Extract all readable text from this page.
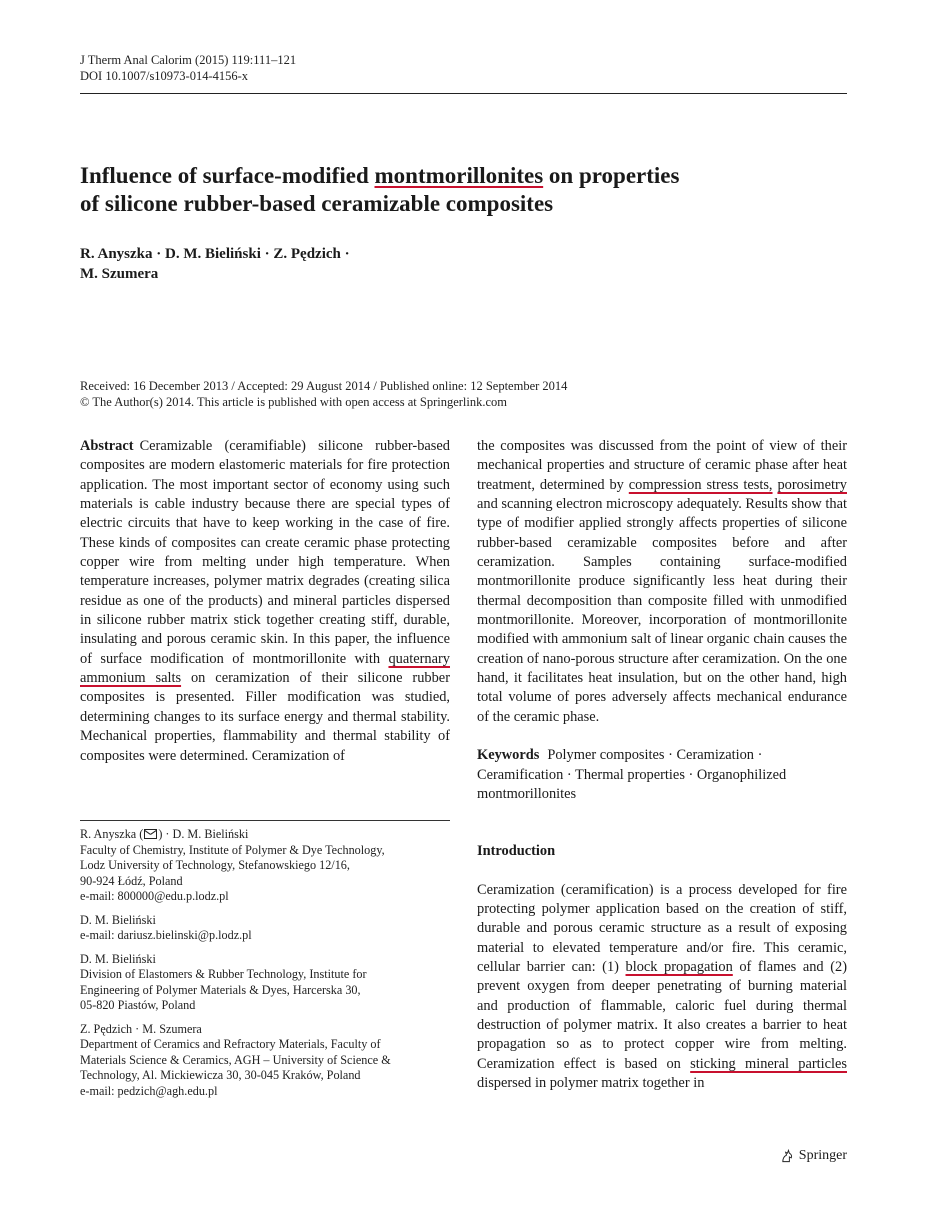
J Therm Anal Calorim (2015) 119:111–121
DOI 10.1007/s10973-014-4156-x
Influence of surface-modified montmorillonites on properties
of silicone rubber-based ceramizable composites
R. Anyszka · D. M. Bieliński · Z. Pędzich ·
M. Szumera
Received: 16 December 2013 / Accepted: 29 August 2014 / Published online: 12 September 2014
© The Author(s) 2014. This article is published with open access at Springerlink.com

Abstract Ceramizable (ceramifiable) silicone rubber-based composites are modern elastomeric materials for fire protection application. The most important sector of economy using such materials is cable industry because there are special types of electric circuits that have to keep working in the case of fire. These kinds of composites can create ceramic phase protecting copper wire from melting under high temperature. When temperature increases, polymer matrix degrades (creating silica residue as one of the products) and mineral particles dispersed in silicone rubber matrix stick together creating stiff, durable, insulating and porous ceramic skin. In this paper, the influence of surface modification of montmorillonite with quaternary ammonium salts on ceramization of their silicone rubber composites is presented. Filler modification was studied, determining changes to its surface energy and thermal stability. Mechanical properties, flammability and thermal stability of composites were determined. Ceramization of

the composites was discussed from the point of view of their mechanical properties and structure of ceramic phase after heat treatment, determined by compression stress tests, porosimetry and scanning electron microscopy adequately. Results show that type of modifier applied strongly affects properties of silicone rubber-based ceramizable composites before and after ceramization. Samples containing surface-modified montmorillonite produce significantly less heat during their thermal decomposition than composite filled with unmodified montmorillonite. Moreover, incorporation of montmorillonite modified with ammonium salt of linear organic chain causes the creation of nano-porous structure after ceramization. On the one hand, it facilitates heat insulation, but on the other hand, high total volume of pores adversely affects mechanical endurance of the ceramic phase.

Keywords Polymer composites · Ceramization · Ceramification · Thermal properties · Organophilized montmorillonites

Introduction

Ceramization (ceramification) is a process developed for fire protecting polymer application based on the creation of stiff, durable and porous ceramic structure as a result of exposing material to elevated temperature and/or fire. This ceramic, cellular barrier can: (1) block propagation of flames and (2) prevent oxygen from deeper penetrating of burning material and production of flammable, caloric fuel during thermal destruction of polymer matrix. It also creates a barrier to heat propagation so as to protect copper wire from melting. Ceramization effect is based on sticking mineral particles dispersed in polymer matrix together in

R. Anyszka ( ) · D. M. Bieliński
Faculty of Chemistry, Institute of Polymer & Dye Technology,
Lodz University of Technology, Stefanowskiego 12/16,
90-924 Łódź, Poland
e-mail: 800000@edu.p.lodz.pl
D. M. Bieliński
e-mail: dariusz.bielinski@p.lodz.pl
D. M. Bieliński
Division of Elastomers & Rubber Technology, Institute for
Engineering of Polymer Materials & Dyes, Harcerska 30,
05-820 Piastów, Poland
Z. Pędzich · M. Szumera
Department of Ceramics and Refractory Materials, Faculty of
Materials Science & Ceramics, AGH – University of Science &
Technology, Al. Mickiewicza 30, 30-045 Kraków, Poland
e-mail: pedzich@agh.edu.pl
Springer
